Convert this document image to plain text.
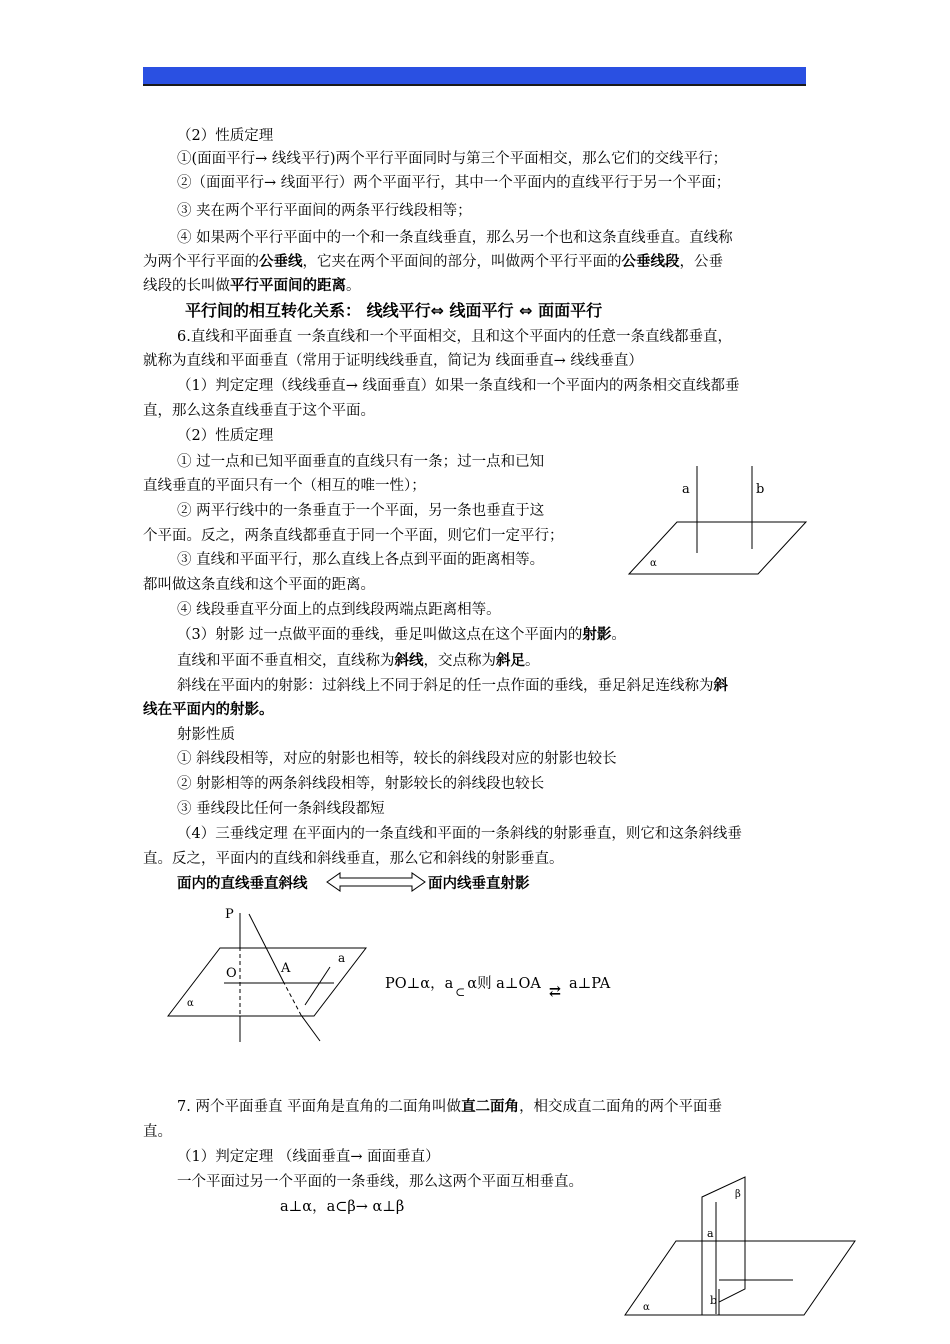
（2）性质定理
①(面面平行→ 线线平行)两个平行平面同时与第三个平面相交，那么它们的交线平行；
②（面面平行→ 线面平行）两个平面平行，其中一个平面内的直线平行于另一个平面；
③ 夹在两个平行平面间的两条平行线段相等；
④ 如果两个平行平面中的一个和一条直线垂直，那么另一个也和这条直线垂直。直线称
为两个平行平面的公垂线，它夹在两个平面间的部分，叫做两个平行平面的公垂线段，公垂
线段的长叫做平行平面间的距离。
平行间的相互转化关系： 线线平行⇔ 线面平行 ⇔ 面面平行
6.直线和平面垂直 一条直线和一个平面相交，且和这个平面内的任意一条直线都垂直，
就称为直线和平面垂直（常用于证明线线垂直，简记为 线面垂直→ 线线垂直）
（1）判定定理（线线垂直→ 线面垂直）如果一条直线和一个平面内的两条相交直线都垂
直，那么这条直线垂直于这个平面。
（2）性质定理
① 过一点和已知平面垂直的直线只有一条；过一点和已知
直线垂直的平面只有一个（相互的唯一性）；
② 两平行线中的一条垂直于一个平面，另一条也垂直于这
个平面。反之，两条直线都垂直于同一个平面，则它们一定平行；
③ 直线和平面平行，那么直线上各点到平面的距离相等。
都叫做这条直线和这个平面的距离。
④ 线段垂直平分面上的点到线段两端点距离相等。
（3）射影 过一点做平面的垂线，垂足叫做这点在这个平面内的射影。
直线和平面不垂直相交，直线称为斜线，交点称为斜足。
斜线在平面内的射影：过斜线上不同于斜足的任一点作面的垂线，垂足斜足连线称为斜
线在平面内的射影。
射影性质
① 斜线段相等，对应的射影也相等，较长的斜线段对应的射影也较长
② 射影相等的两条斜线段相等，射影较长的斜线段也较长
③ 垂线段比任何一条斜线段都短
（4）三垂线定理 在平面内的一条直线和平面的一条斜线的射影垂直，则它和这条斜线垂
直。反之，平面内的直线和斜线垂直，那么它和斜线的射影垂直。
面内的直线垂直斜线	面内线垂直射影
7. 两个平面垂直 平面角是直角的二面角叫做直二面角，相交成直二面角的两个平面垂
直。
（1）判定定理 （线面垂直→ 面面垂直）
一个平面过另一个平面的一条垂线，那么这两个平面互相垂直。
a⊥α，a⊂β→ α⊥β
PO⊥α，a $_\subset$ α则 a⊥OA ⇄ a⊥PA
a	b
α
P
O	A
a
α
β
a
b
α
